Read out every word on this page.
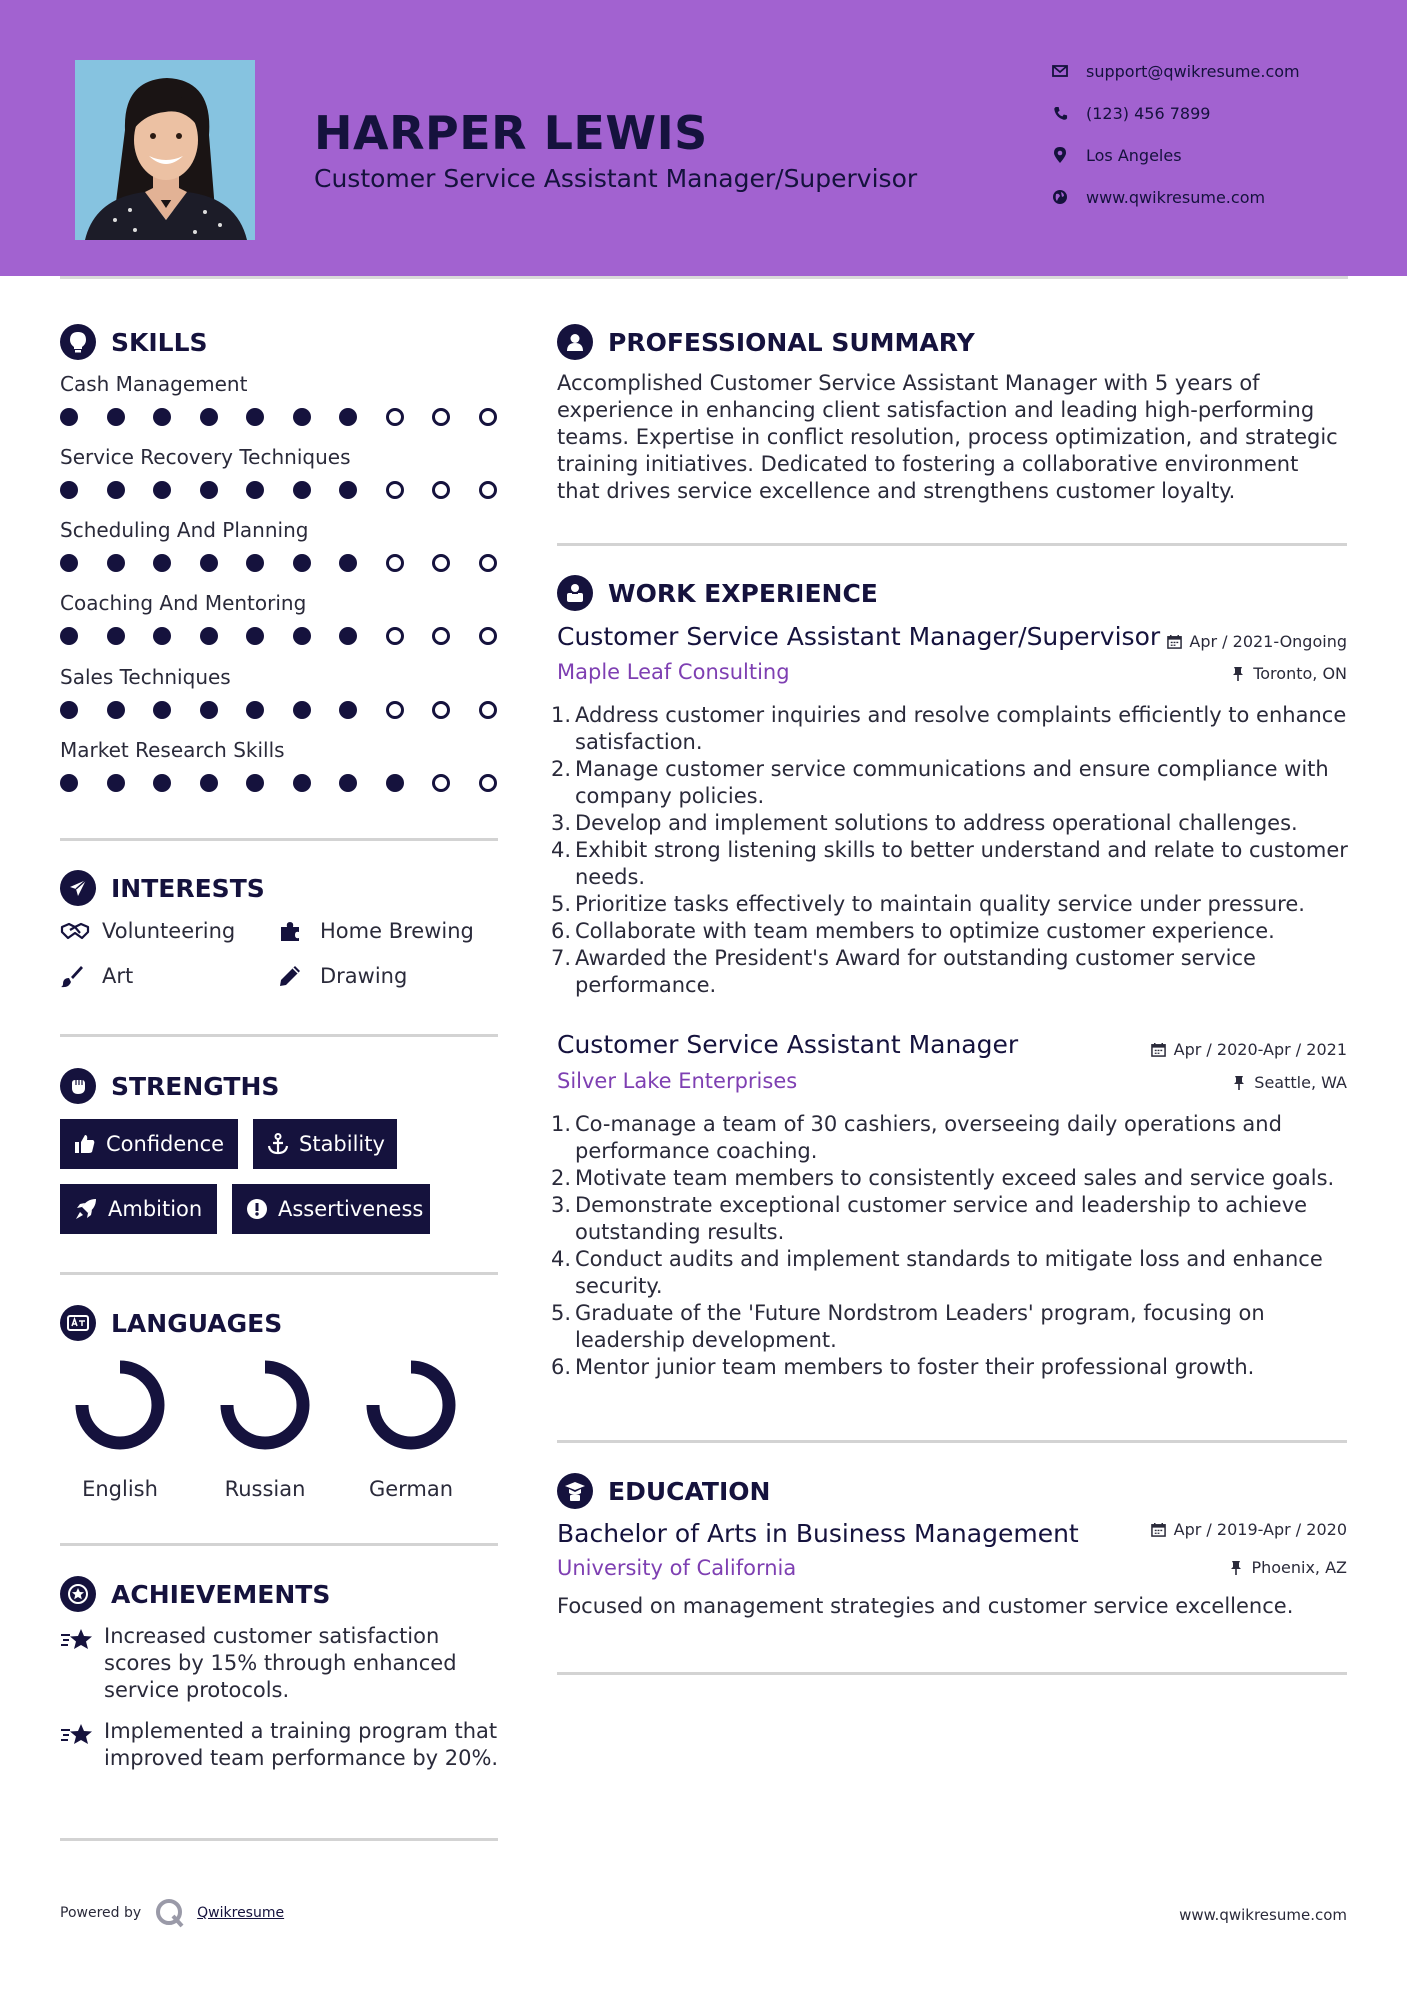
HARPER LEWIS
Customer Service Assistant Manager/Supervisor
support@qwikresume.com
(123) 456 7899
Los Angeles
www.qwikresume.com
SKILLS
Cash Management
Service Recovery Techniques
Scheduling And Planning
Coaching And Mentoring
Sales Techniques
Market Research Skills
INTERESTS
Volunteering	Home Brewing
Art	Drawing
STRENGTHS
Confidence	Stability
Ambition	Assertiveness
LANGUAGES
English	Russian	German
ACHIEVEMENTS
Increased customer satisfaction scores by 15% through enhanced service protocols.
Implemented a training program that improved team performance by 20%.
PROFESSIONAL SUMMARY
Accomplished Customer Service Assistant Manager with 5 years of experience in enhancing client satisfaction and leading high-performing teams. Expertise in conflict resolution, process optimization, and strategic training initiatives. Dedicated to fostering a collaborative environment that drives service excellence and strengthens customer loyalty.
WORK EXPERIENCE
Customer Service Assistant Manager/Supervisor Apr / 2021-Ongoing
Maple Leaf Consulting	Toronto, ON
1. Address customer inquiries and resolve complaints efficiently to enhance satisfaction.
2. Manage customer service communications and ensure compliance with company policies.
3. Develop and implement solutions to address operational challenges.
4. Exhibit strong listening skills to better understand and relate to customer needs.
5. Prioritize tasks effectively to maintain quality service under pressure.
6. Collaborate with team members to optimize customer experience.
7. Awarded the President's Award for outstanding customer service performance.
Customer Service Assistant Manager	Apr / 2020-Apr / 2021
Silver Lake Enterprises	Seattle, WA
1. Co-manage a team of 30 cashiers, overseeing daily operations and performance coaching.
2. Motivate team members to consistently exceed sales and service goals.
3. Demonstrate exceptional customer service and leadership to achieve outstanding results.
4. Conduct audits and implement standards to mitigate loss and enhance security.
5. Graduate of the 'Future Nordstrom Leaders' program, focusing on leadership development.
6. Mentor junior team members to foster their professional growth.
EDUCATION
Bachelor of Arts in Business Management	Apr / 2019-Apr / 2020
University of California	Phoenix, AZ
Focused on management strategies and customer service excellence.
Powered by	Qwikresume	www.qwikresume.com
